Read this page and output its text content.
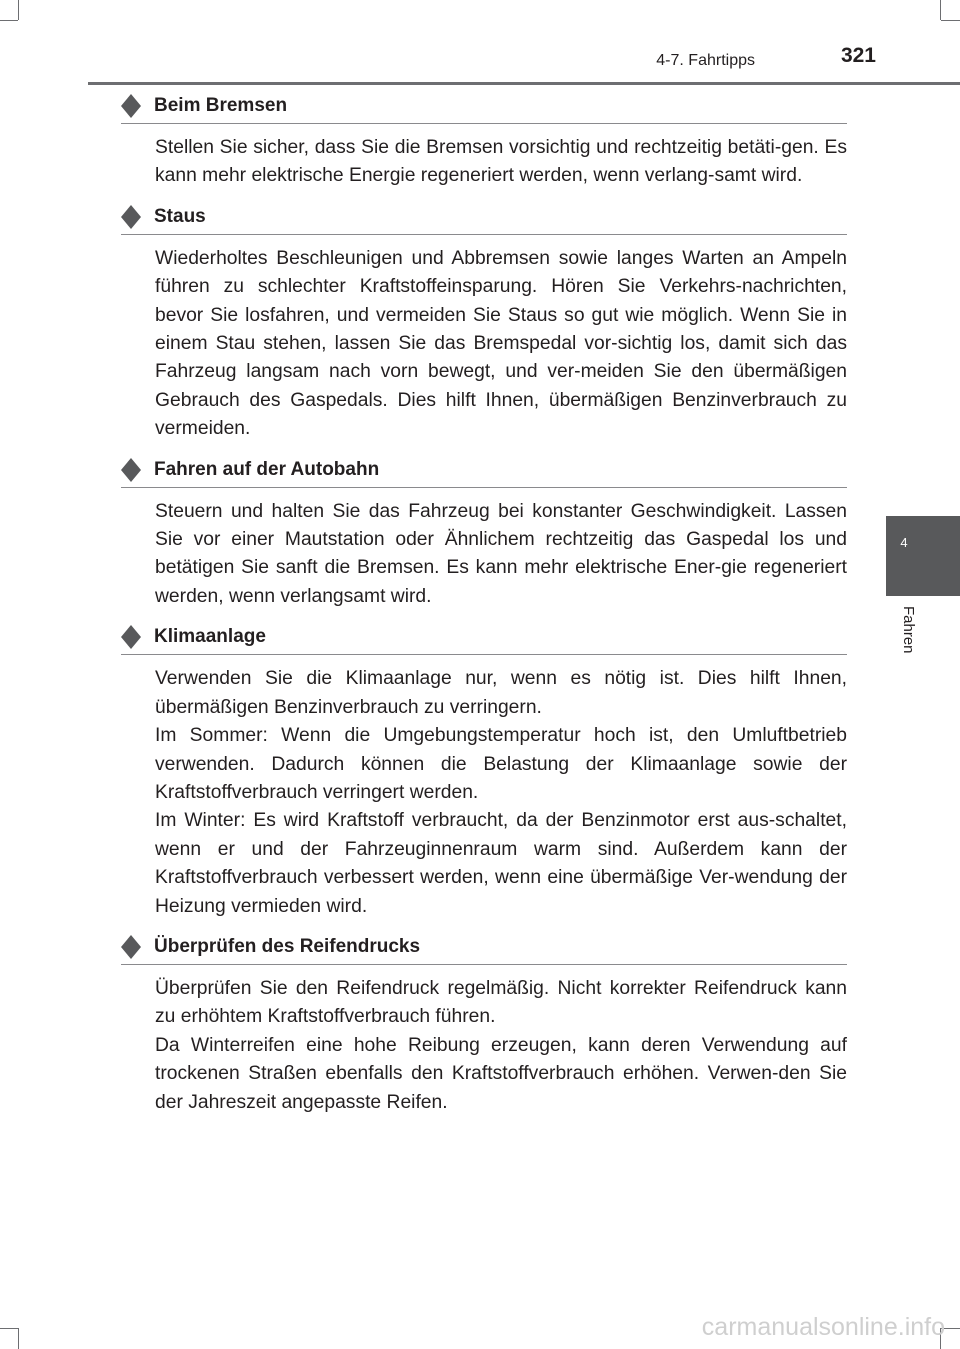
4-7. Fahrtipps	321
4
Fahren
Beim Bremsen

Stellen Sie sicher, dass Sie die Bremsen vorsichtig und rechtzeitig betäti-gen. Es kann mehr elektrische Energie regeneriert werden, wenn verlang-samt wird.

Staus

Wiederholtes Beschleunigen und Abbremsen sowie langes Warten an Ampeln führen zu schlechter Kraftstoffeinsparung. Hören Sie Verkehrs-nachrichten, bevor Sie losfahren, und vermeiden Sie Staus so gut wie möglich. Wenn Sie in einem Stau stehen, lassen Sie das Bremspedal vor-sichtig los, damit sich das Fahrzeug langsam nach vorn bewegt, und ver-meiden Sie den übermäßigen Gebrauch des Gaspedals. Dies hilft Ihnen, übermäßigen Benzinverbrauch zu vermeiden.

Fahren auf der Autobahn

Steuern und halten Sie das Fahrzeug bei konstanter Geschwindigkeit. Lassen Sie vor einer Mautstation oder Ähnlichem rechtzeitig das Gaspedal los und betätigen Sie sanft die Bremsen. Es kann mehr elektrische Ener-gie regeneriert werden, wenn verlangsamt wird.

Klimaanlage

Verwenden Sie die Klimaanlage nur, wenn es nötig ist. Dies hilft Ihnen, übermäßigen Benzinverbrauch zu verringern.

Im Sommer: Wenn die Umgebungstemperatur hoch ist, den Umluftbetrieb verwenden. Dadurch können die Belastung der Klimaanlage sowie der Kraftstoffverbrauch verringert werden.

Im Winter: Es wird Kraftstoff verbraucht, da der Benzinmotor erst aus-schaltet, wenn er und der Fahrzeuginnenraum warm sind. Außerdem kann der Kraftstoffverbrauch verbessert werden, wenn eine übermäßige Ver-wendung der Heizung vermieden wird.

Überprüfen des Reifendrucks

Überprüfen Sie den Reifendruck regelmäßig. Nicht korrekter Reifendruck kann zu erhöhtem Kraftstoffverbrauch führen.

Da Winterreifen eine hohe Reibung erzeugen, kann deren Verwendung auf trockenen Straßen ebenfalls den Kraftstoffverbrauch erhöhen. Verwen-den Sie der Jahreszeit angepasste Reifen.

carmanualsonline.info
